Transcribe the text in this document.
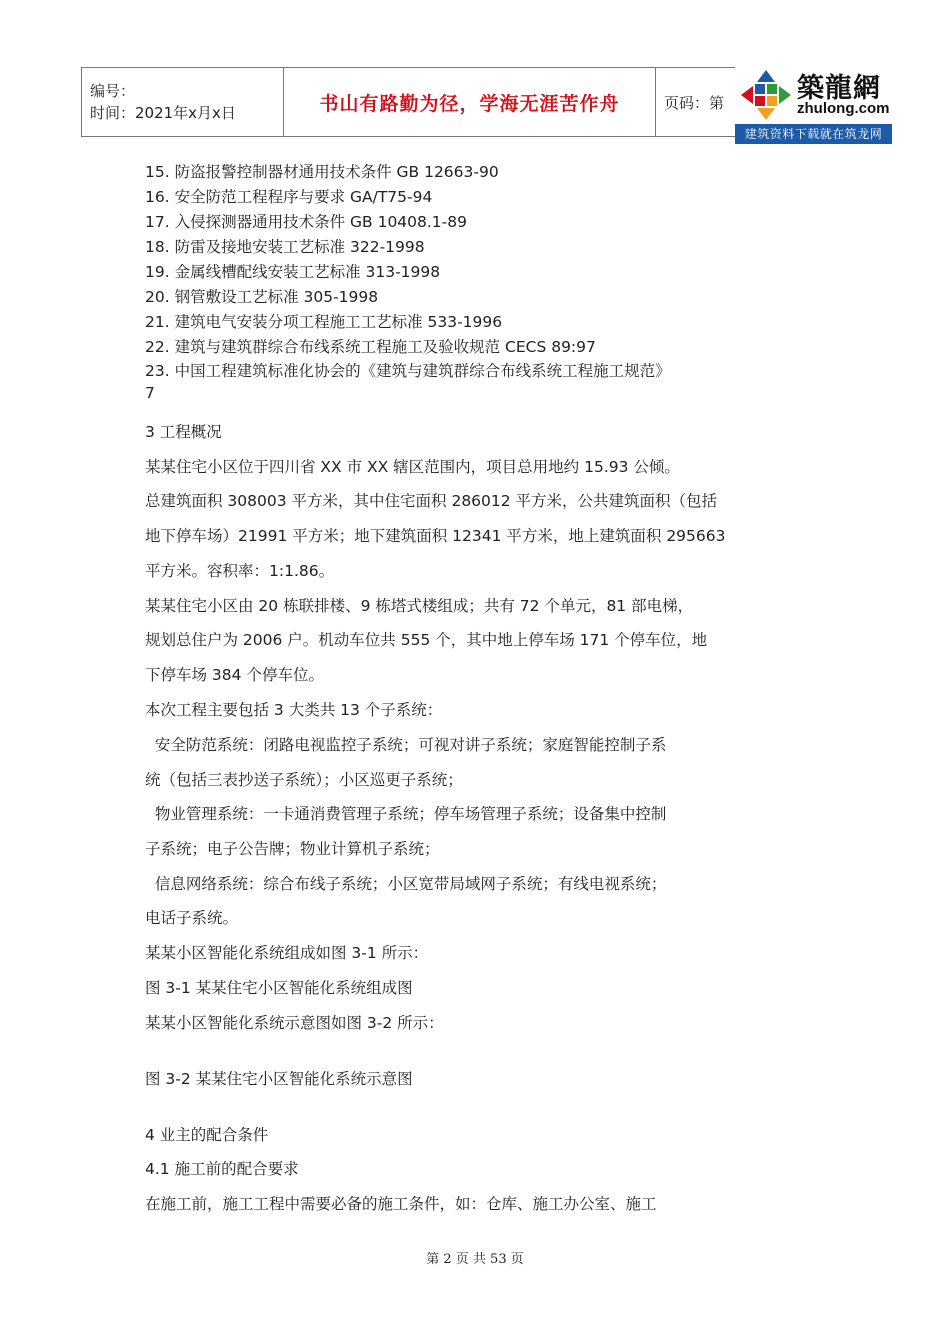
编号：
时间：2021年x月x日	书山有路勤为径，学海无涯苦作舟	页码：第	築龍網
zhulong.com
建筑资料下载就在筑龙网
15. 防盗报警控制器材通用技术条件 GB 12663-90
16. 安全防范工程程序与要求 GA/T75-94
17. 入侵探测器通用技术条件 GB 10408.1-89
18. 防雷及接地安装工艺标准 322-1998
19. 金属线槽配线安装工艺标准 313-1998
20. 钢管敷设工艺标准 305-1998
21. 建筑电气安装分项工程施工工艺标准 533-1996
22. 建筑与建筑群综合布线系统工程施工及验收规范 CECS 89:97
23. 中国工程建筑标准化协会的《建筑与建筑群综合布线系统工程施工规范》
7
3 工程概况
某某住宅小区位于四川省 XX 市 XX 辖区范围内，项目总用地约 15.93 公倾。
总建筑面积 308003 平方米，其中住宅面积 286012 平方米，公共建筑面积（包括
地下停车场）21991 平方米；地下建筑面积 12341 平方米，地上建筑面积 295663
平方米。容积率：1:1.86。
某某住宅小区由 20 栋联排楼、9 栋塔式楼组成；共有 72 个单元，81 部电梯，
规划总住户为 2006 户。机动车位共 555 个，其中地上停车场 171 个停车位，地
下停车场 384 个停车位。
本次工程主要包括 3 大类共 13 个子系统：
安全防范系统：闭路电视监控子系统；可视对讲子系统；家庭智能控制子系
统（包括三表抄送子系统）；小区巡更子系统；
物业管理系统：一卡通消费管理子系统；停车场管理子系统；设备集中控制
子系统；电子公告牌；物业计算机子系统；
信息网络系统：综合布线子系统；小区宽带局域网子系统；有线电视系统；
电话子系统。
某某小区智能化系统组成如图 3-1 所示：
图 3-1 某某住宅小区智能化系统组成图
某某小区智能化系统示意图如图 3-2 所示：
图 3-2 某某住宅小区智能化系统示意图
4 业主的配合条件
4.1 施工前的配合要求
在施工前，施工工程中需要必备的施工条件，如：仓库、施工办公室、施工
第 2 页 共 53 页
